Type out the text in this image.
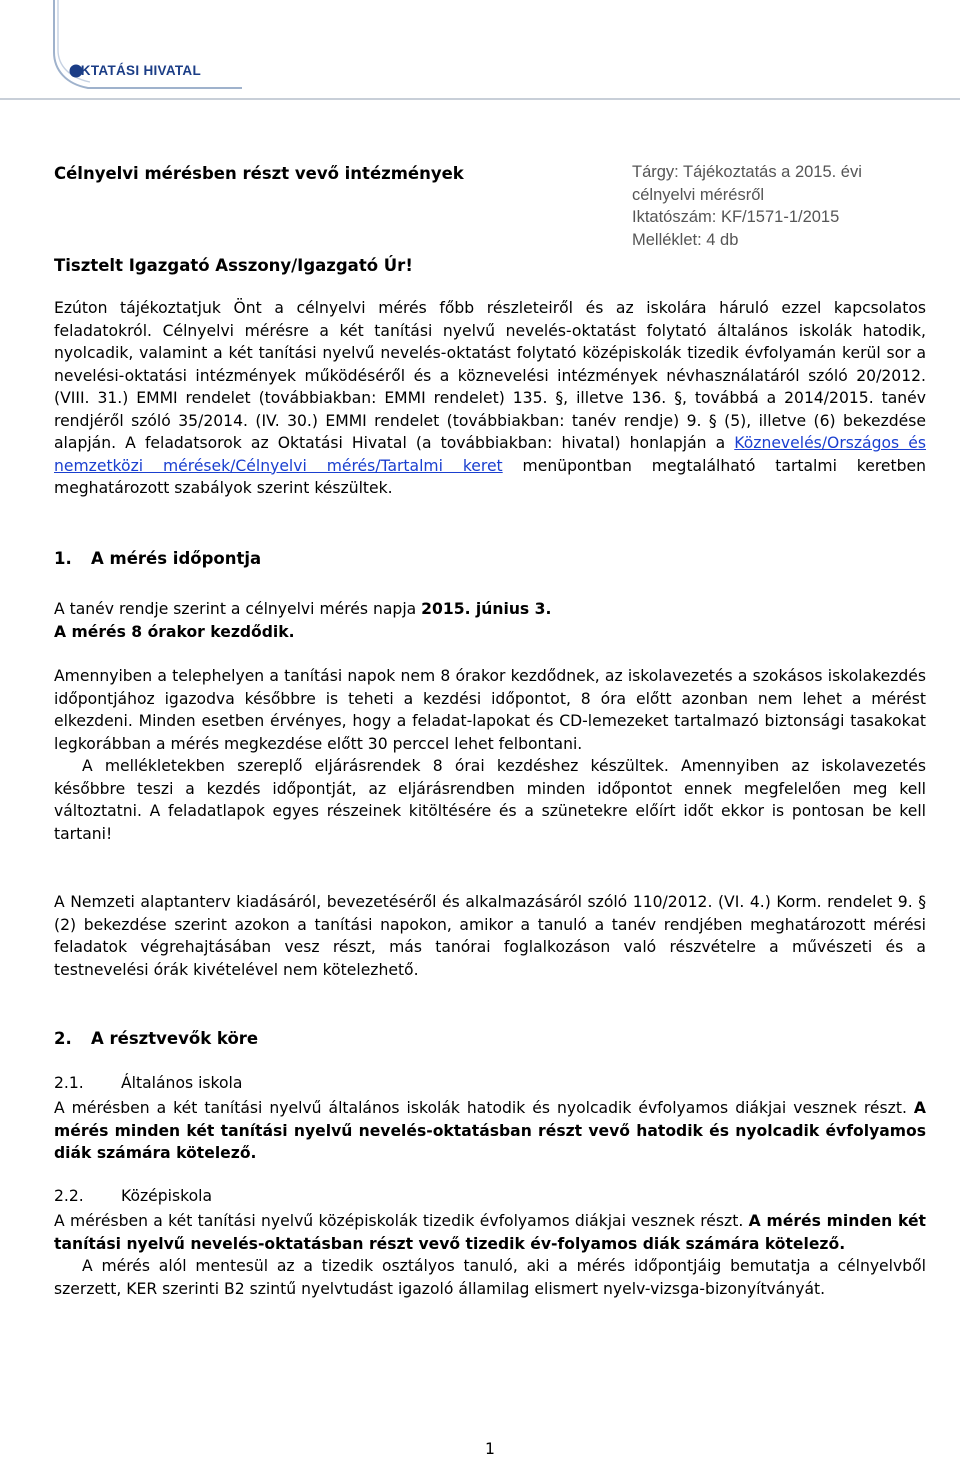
OKTATÁSI HIVATAL
Célnyelvi mérésben részt vevő intézmények
Tisztelt Igazgató Asszony/Igazgató Úr!
Tárgy: Tájékoztatás a 2015. évi
célnyelvi mérésről
Iktatószám: KF/1571-1/2015
Melléklet: 4 db

Ezúton tájékoztatjuk Önt a célnyelvi mérés főbb részleteiről és az iskolára háruló ezzel kapcsolatos feladatokról. Célnyelvi mérésre a két tanítási nyelvű nevelés-oktatást folytató általános iskolák hatodik, nyolcadik, valamint a két tanítási nyelvű nevelés-oktatást folytató középiskolák tizedik évfolyamán kerül sor a nevelési-oktatási intézmények működéséről és a köznevelési intézmények névhasználatáról szóló 20/2012. (VIII. 31.) EMMI rendelet (továbbiakban: EMMI rendelet) 135. §, illetve 136. §, továbbá a 2014/2015. tanév rendjéről szóló 35/2014. (IV. 30.) EMMI rendelet (továbbiakban: tanév rendje) 9. § (5), illetve (6) bekezdése alapján. A feladatsorok az Oktatási Hivatal (a továbbiakban: hivatal) honlapján a Köznevelés/Országos és nemzetközi mérések/Célnyelvi mérés/Tartalmi keret menüpontban megtalálható tartalmi keretben meghatározott szabályok szerint készültek.

1. A mérés időpontja
A tanév rendje szerint a célnyelvi mérés napja 2015. június 3.
A mérés 8 órakor kezdődik.

Amennyiben a telephelyen a tanítási napok nem 8 órakor kezdődnek, az iskolavezetés a szokásos iskolakezdés időpontjához igazodva későbbre is teheti a kezdési időpontot, 8 óra előtt azonban nem lehet a mérést elkezdeni. Minden esetben érvényes, hogy a feladat-lapokat és CD-lemezeket tartalmazó biztonsági tasakokat legkorábban a mérés megkezdése előtt 30 perccel lehet felbontani.

A mellékletekben szereplő eljárásrendek 8 órai kezdéshez készültek. Amennyiben az iskolavezetés későbbre teszi a kezdés időpontját, az eljárásrendben minden időpontot ennek megfelelően meg kell változtatni. A feladatlapok egyes részeinek kitöltésére és a szünetekre előírt időt ekkor is pontosan be kell tartani!

A Nemzeti alaptanterv kiadásáról, bevezetéséről és alkalmazásáról szóló 110/2012. (VI. 4.) Korm. rendelet 9. § (2) bekezdése szerint azokon a tanítási napokon, amikor a tanuló a tanév rendjében meghatározott mérési feladatok végrehajtásában vesz részt, más tanórai foglalkozáson való részvételre a művészeti és a testnevelési órák kivételével nem kötelezhető.

2. A résztvevők köre
2.1. Általános iskola

A mérésben a két tanítási nyelvű általános iskolák hatodik és nyolcadik évfolyamos diákjai vesznek részt. A mérés minden két tanítási nyelvű nevelés-oktatásban részt vevő hatodik és nyolcadik évfolyamos diák számára kötelező.

2.2. Középiskola

A mérésben a két tanítási nyelvű középiskolák tizedik évfolyamos diákjai vesznek részt. A mérés minden két tanítási nyelvű nevelés-oktatásban részt vevő tizedik év-folyamos diák számára kötelező.

A mérés alól mentesül az a tizedik osztályos tanuló, aki a mérés időpontjáig bemutatja a célnyelvből szerzett, KER szerinti B2 szintű nyelvtudást igazoló államilag elismert nyelv-vizsga-bizonyítványát.

1
